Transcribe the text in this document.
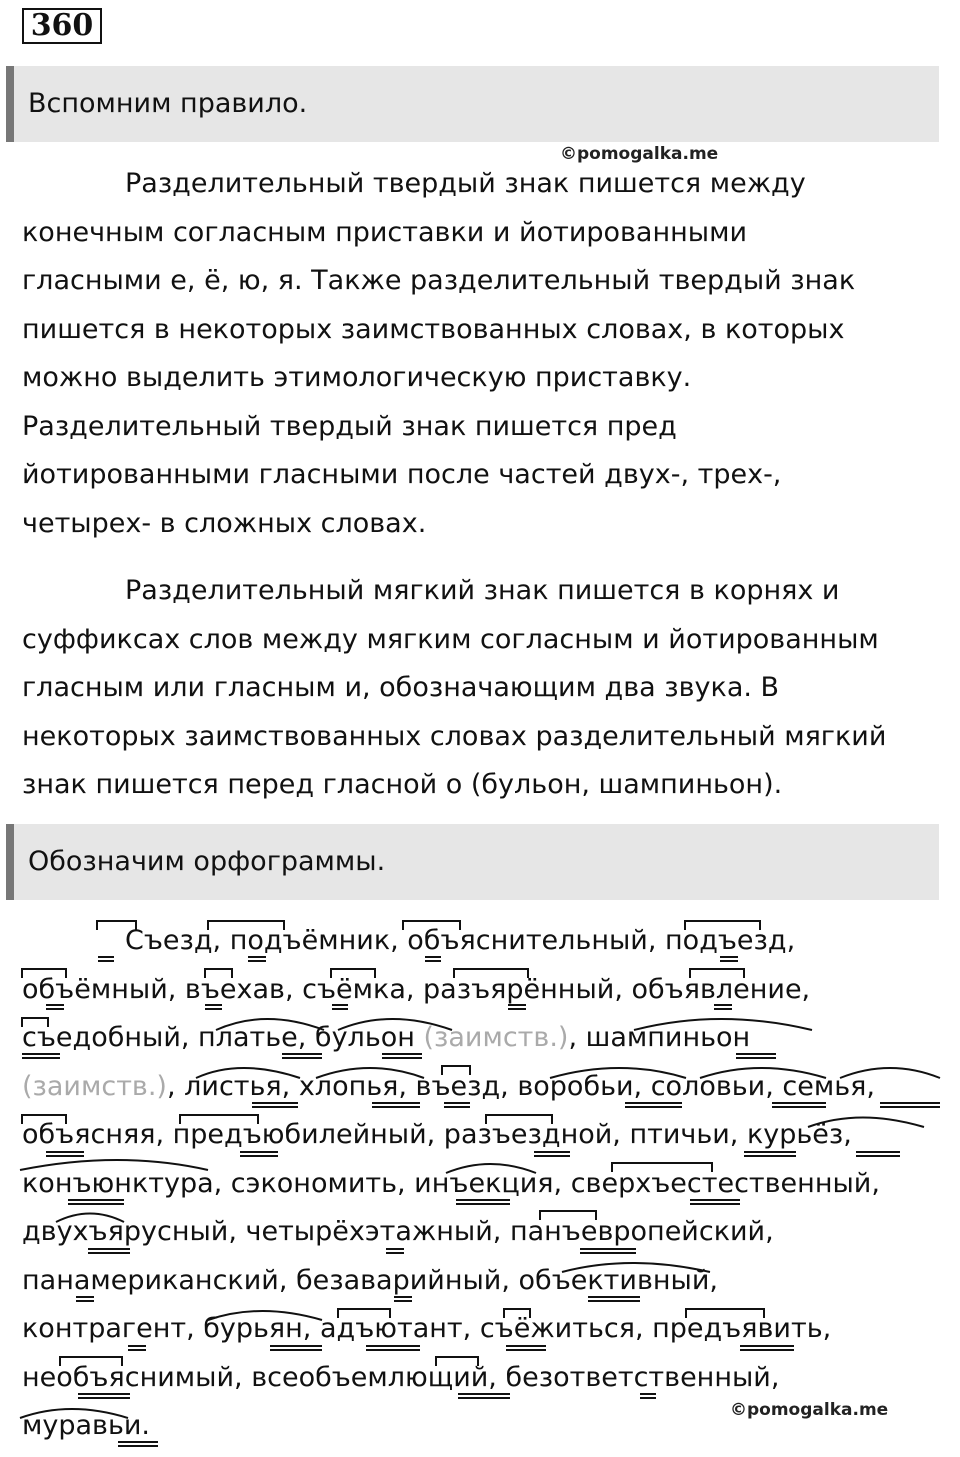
360
Вспомним правило.
©pomogalka.me
Разделительный твердый знак пишется между
конечным согласным приставки и йотированными
гласными е, ё, ю, я. Также разделительный твердый знак
пишется в некоторых заимствованных словах, в которых
можно выделить этимологическую приставку.
Разделительный твердый знак пишется пред
йотированными гласными после частей двух-, трех-,
четырех- в сложных словах.
Разделительный мягкий знак пишется в корнях и
суффиксах слов между мягким согласным и йотированным
гласным или гласным и, обозначающим два звука. В
некоторых заимствованных словах разделительный мягкий
знак пишется перед гласной о (бульон, шампиньон).
Обозначим орфограммы.
Съезд, подъёмник, объяснительный, подъезд,
объёмный, въехав, съёмка, разъярённый, объявление,
съедобный, платье, бульон (заимств.), шампиньон
(заимств.), листья, хлопья, въезд, воробьи, соловьи, семья,
объясняя, предъюбилейный, разъездной, птичьи, курьёз,
конъюнктура, сэкономить, инъекция, сверхъестественный,
двухъярусный, четырёхэтажный, панъевропейский,
панамериканский, безаварийный, объективный,
контрагент, бурьян, адъютант, съёжиться, предъявить,
необъяснимый, всеобъемлющий, безответственный,
муравьи.	©pomogalka.me
